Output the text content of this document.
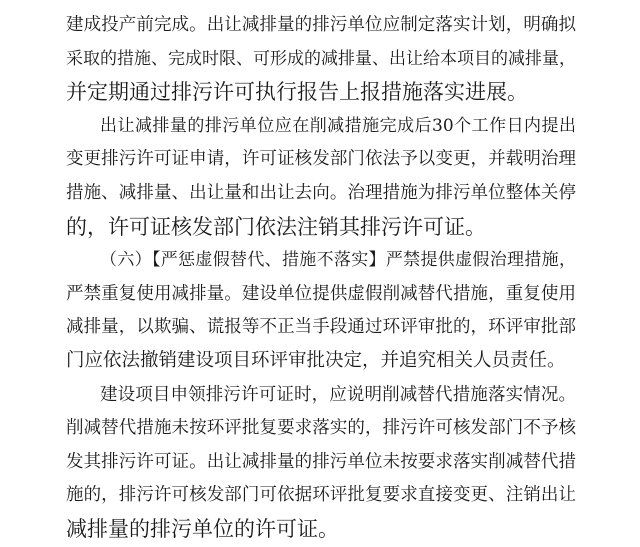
建成投产前完成。出让减排量的排污单位应制定落实计划，明确拟
采取的措施、完成时限、可形成的减排量、出让给本项目的减排量，
并定期通过排污许可执行报告上报措施落实进展。
出让减排量的排污单位应在削减措施完成后30个工作日内提出
变更排污许可证申请，许可证核发部门依法予以变更，并载明治理
措施、减排量、出让量和出让去向。治理措施为排污单位整体关停
的，许可证核发部门依法注销其排污许可证。
（六）【严惩虚假替代、措施不落实】严禁提供虚假治理措施，
严禁重复使用减排量。建设单位提供虚假削减替代措施，重复使用
减排量，以欺骗、谎报等不正当手段通过环评审批的，环评审批部
门应依法撤销建设项目环评审批决定，并追究相关人员责任。
建设项目申领排污许可证时，应说明削减替代措施落实情况。
削减替代措施未按环评批复要求落实的，排污许可核发部门不予核
发其排污许可证。出让减排量的排污单位未按要求落实削减替代措
施的，排污许可核发部门可依据环评批复要求直接变更、注销出让
减排量的排污单位的许可证。
